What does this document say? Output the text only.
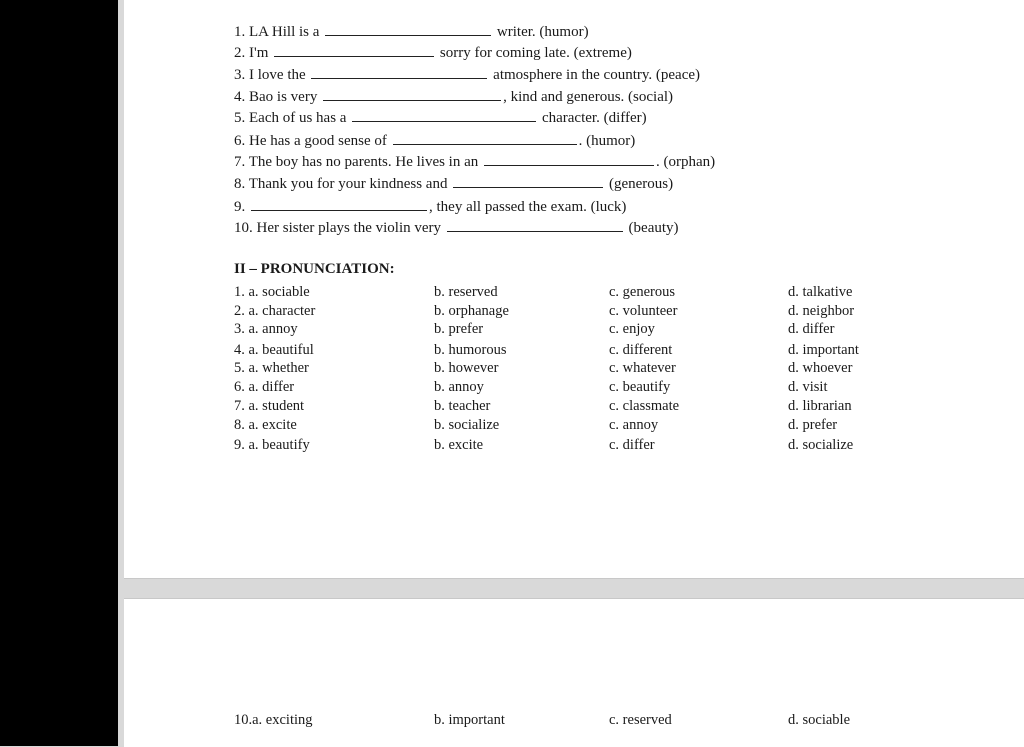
1. LA Hill is a	writer. (humor)
2. I'm	sorry for coming late. (extreme)
3. I love the	atmosphere in the country. (peace)
4. Bao is very	, kind and generous. (social)
5. Each of us has a	character. (differ)
6. He has a good sense of	. (humor)
7. The boy has no parents. He lives in an	. (orphan)
8. Thank you for your kindness and	(generous)
9.	, they all passed the exam. (luck)
10. Her sister plays the violin very	(beauty)
II – PRONUNCIATION:
1. a. sociable	b. reserved	c. generous	d. talkative
2. a. character	b. orphanage	c. volunteer	d. neighbor
3. a. annoy	b. prefer	c. enjoy	d. differ
4. a. beautiful	b. humorous	c. different	d. important
5. a. whether	b. however	c. whatever	d. whoever
6. a. differ	b. annoy	c. beautify	d. visit
7. a. student	b. teacher	c. classmate	d. librarian
8. a. excite	b. socialize	c. annoy	d. prefer
9. a. beautify	b. excite	c. differ	d. socialize
10.a. exciting	b. important	c. reserved	d. sociable
